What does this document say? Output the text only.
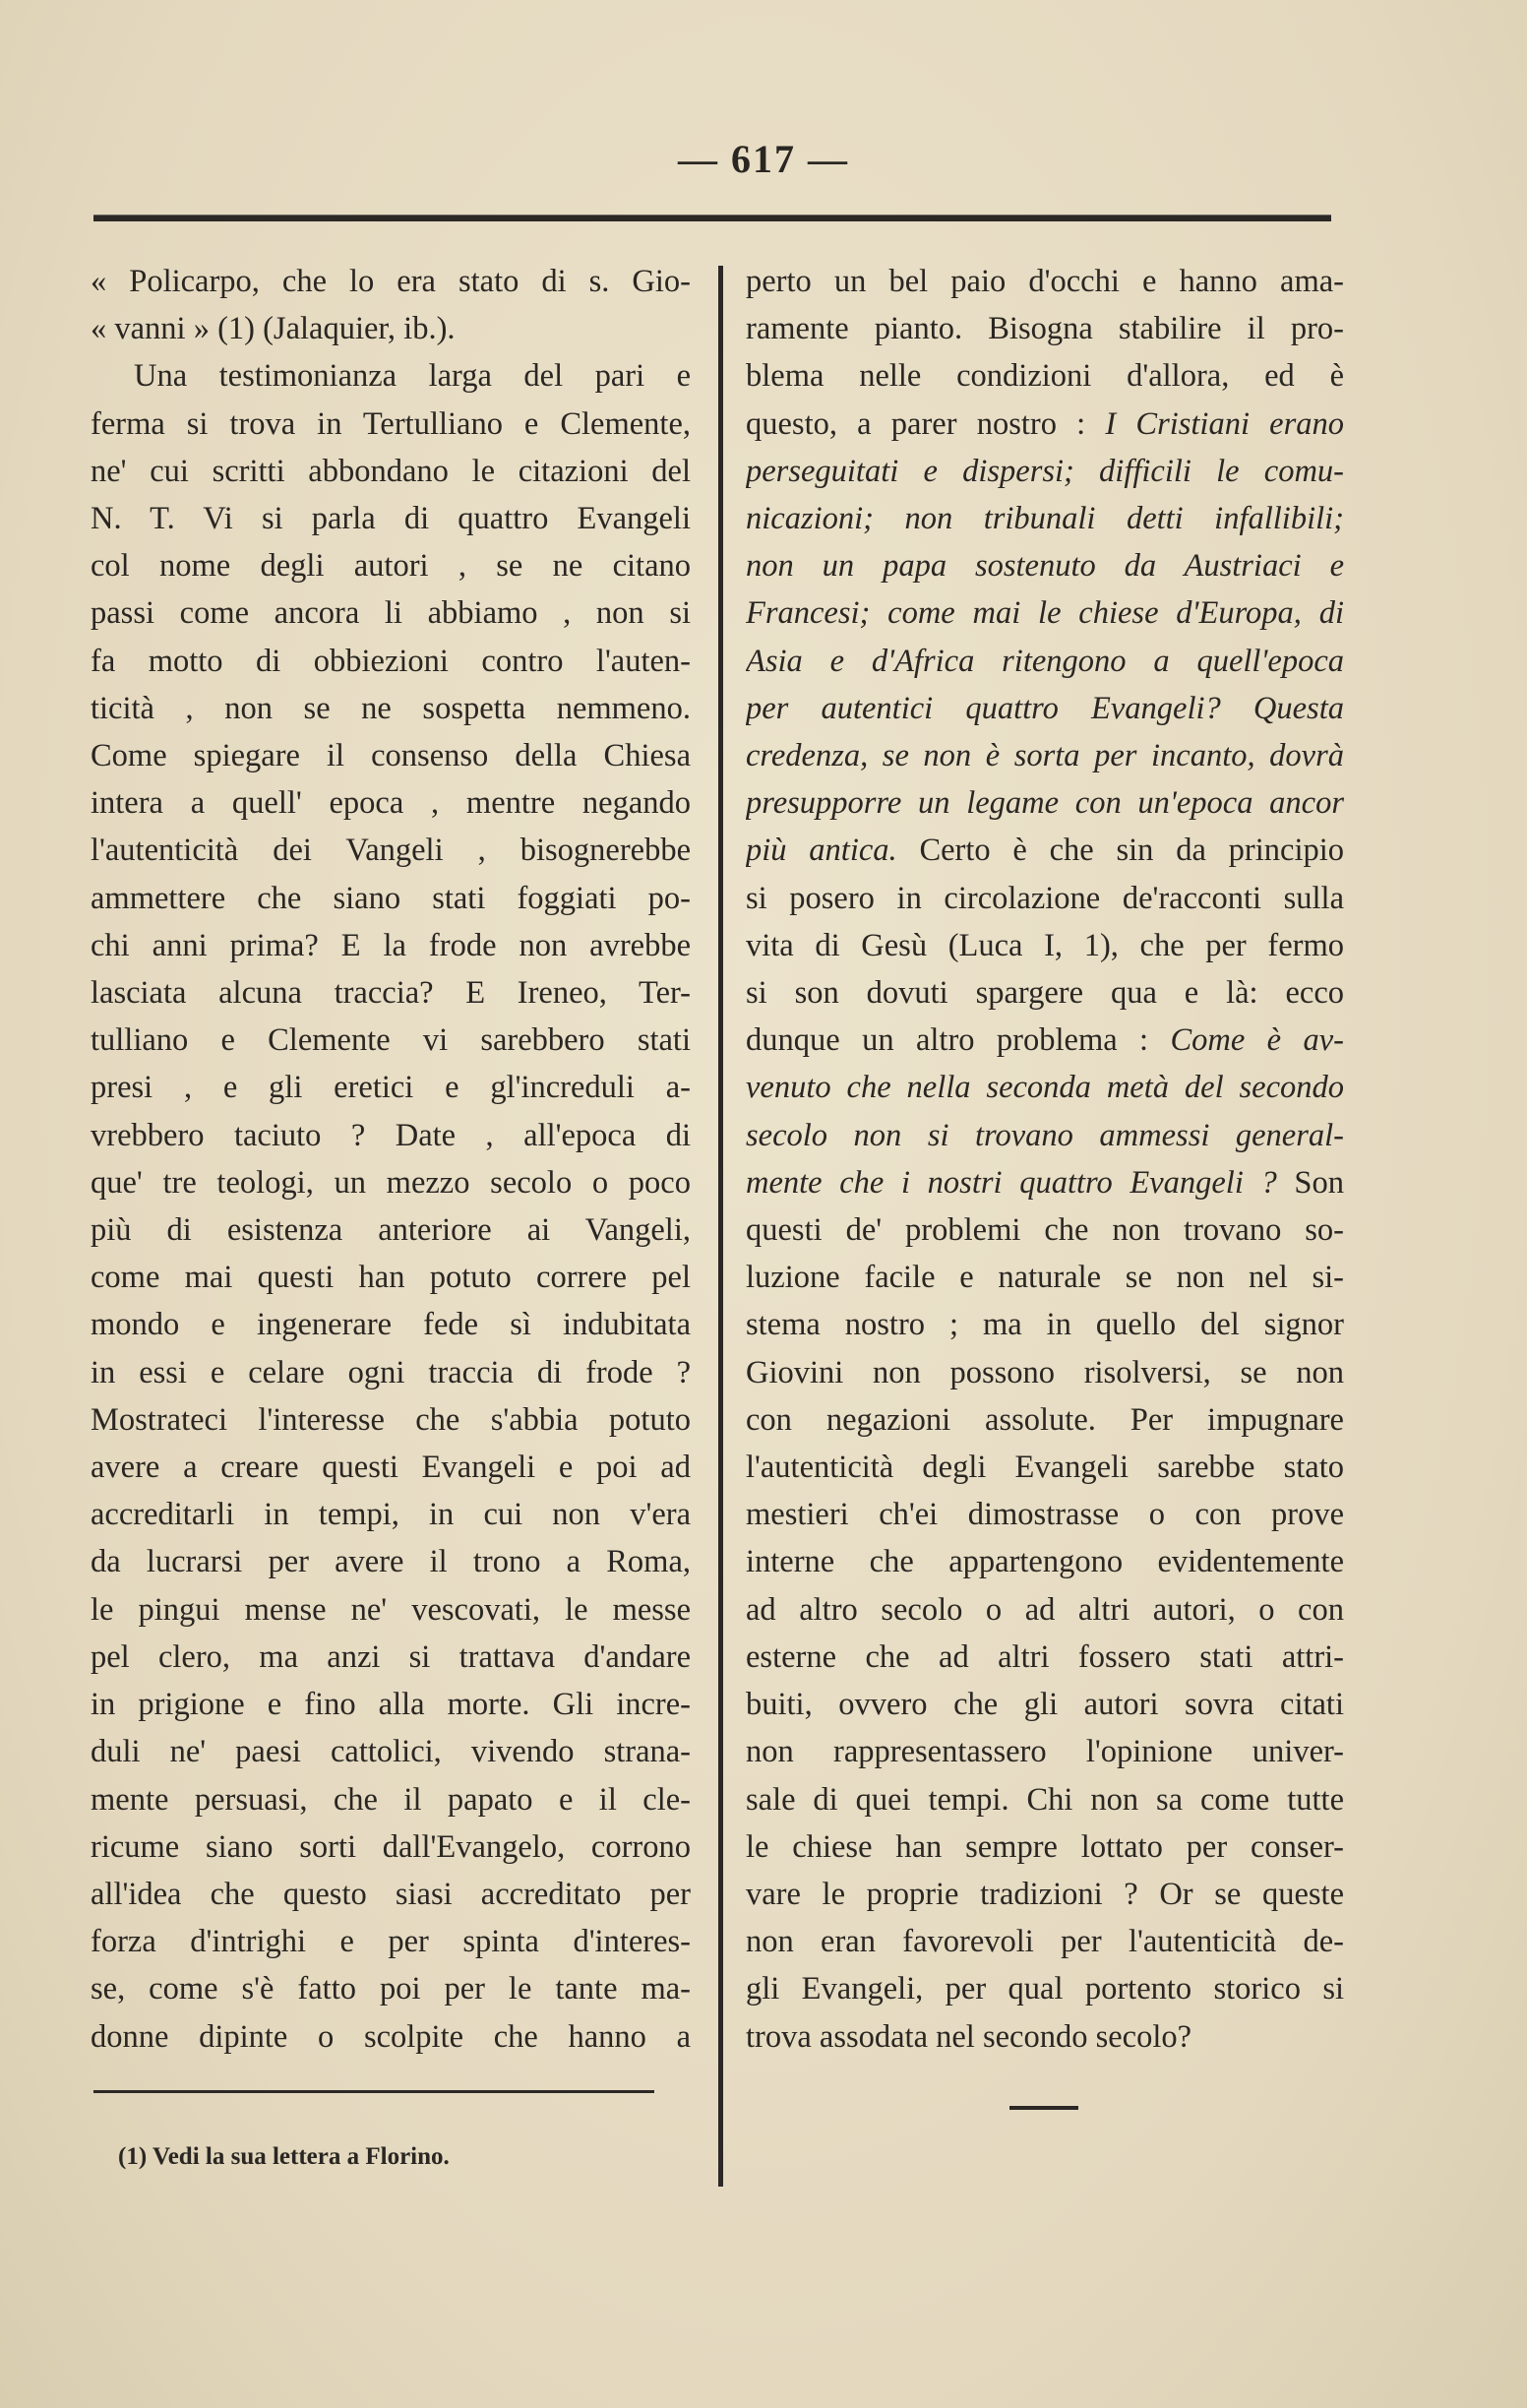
— 617 —
« Policarpo, che lo era stato di s. Gio-
« vanni » (1) (Jalaquier, ib.).
Una testimonianza larga del pari e
ferma si trova in Tertulliano e Clemente,
ne' cui scritti abbondano le citazioni del
N. T. Vi si parla di quattro Evangeli
col nome degli autori , se ne citano
passi come ancora li abbiamo , non si
fa motto di obbiezioni contro l'auten-
ticità , non se ne sospetta nemmeno.
Come spiegare il consenso della Chiesa
intera a quell' epoca , mentre negando
l'autenticità dei Vangeli , bisognerebbe
ammettere che siano stati foggiati po-
chi anni prima? E la frode non avrebbe
lasciata alcuna traccia? E Ireneo, Ter-
tulliano e Clemente vi sarebbero stati
presi , e gli eretici e gl'increduli a-
vrebbero taciuto ? Date , all'epoca di
que' tre teologi, un mezzo secolo o poco
più di esistenza anteriore ai Vangeli,
come mai questi han potuto correre pel
mondo e ingenerare fede sì indubitata
in essi e celare ogni traccia di frode ?
Mostrateci l'interesse che s'abbia potuto
avere a creare questi Evangeli e poi ad
accreditarli in tempi, in cui non v'era
da lucrarsi per avere il trono a Roma,
le pingui mense ne' vescovati, le messe
pel clero, ma anzi si trattava d'andare
in prigione e fino alla morte. Gli incre-
duli ne' paesi cattolici, vivendo strana-
mente persuasi, che il papato e il cle-
ricume siano sorti dall'Evangelo, corrono
all'idea che questo siasi accreditato per
forza d'intrighi e per spinta d'interes-
se, come s'è fatto poi per le tante ma-
donne dipinte o scolpite che hanno a
perto un bel paio d'occhi e hanno ama-
ramente pianto. Bisogna stabilire il pro-
blema nelle condizioni d'allora, ed è
questo, a parer nostro : I Cristiani erano
perseguitati e dispersi; difficili le comu-
nicazioni; non tribunali detti infallibili;
non un papa sostenuto da Austriaci e
Francesi; come mai le chiese d'Europa, di
Asia e d'Africa ritengono a quell'epoca
per autentici quattro Evangeli? Questa
credenza, se non è sorta per incanto, dovrà
presupporre un legame con un'epoca ancor
più antica. Certo è che sin da principio
si posero in circolazione de'racconti sulla
vita di Gesù (Luca I, 1), che per fermo
si son dovuti spargere qua e là: ecco
dunque un altro problema : Come è av-
venuto che nella seconda metà del secondo
secolo non si trovano ammessi general-
mente che i nostri quattro Evangeli ? Son
questi de' problemi che non trovano so-
luzione facile e naturale se non nel si-
stema nostro ; ma in quello del signor
Giovini non possono risolversi, se non
con negazioni assolute. Per impugnare
l'autenticità degli Evangeli sarebbe stato
mestieri ch'ei dimostrasse o con prove
interne che appartengono evidentemente
ad altro secolo o ad altri autori, o con
esterne che ad altri fossero stati attri-
buiti, ovvero che gli autori sovra citati
non rappresentassero l'opinione univer-
sale di quei tempi. Chi non sa come tutte
le chiese han sempre lottato per conser-
vare le proprie tradizioni ? Or se queste
non eran favorevoli per l'autenticità de-
gli Evangeli, per qual portento storico si
trova assodata nel secondo secolo?
(1) Vedi la sua lettera a Florino.
